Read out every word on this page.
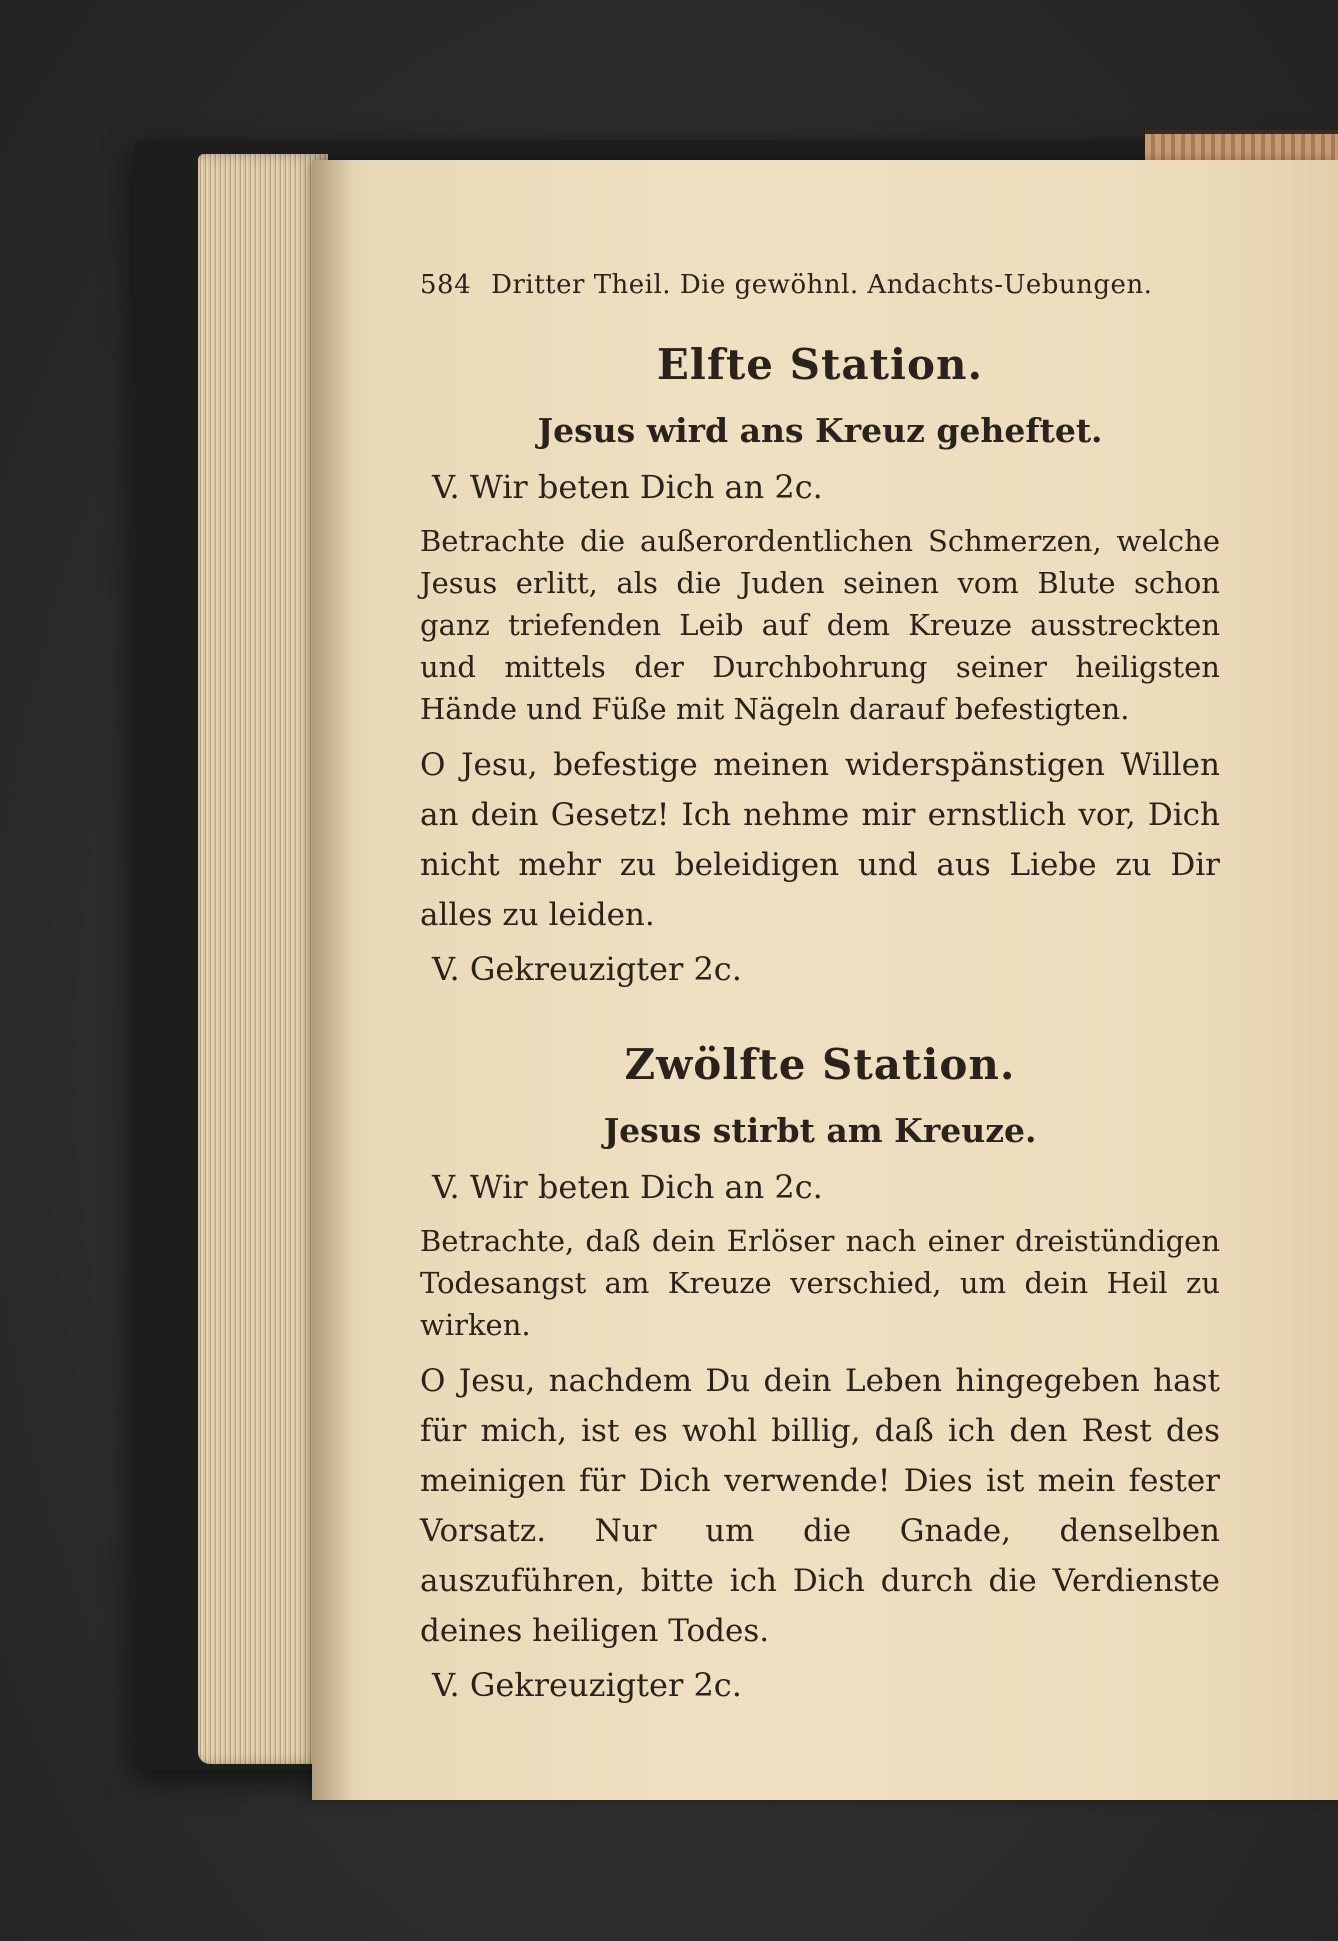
584 Dritter Theil. Die gewöhnl. Andachts-Uebungen.
Elfte Station.
Jesus wird ans Kreuz geheftet.
V. Wir beten Dich an 2c.

Betrachte die außerordentlichen Schmerzen, welche Jesus erlitt, als die Juden seinen vom Blute schon ganz triefenden Leib auf dem Kreuze ausstreckten und mittels der Durchbohrung seiner heiligsten Hände und Füße mit Nägeln darauf befestigten.

O Jesu, befestige meinen widerspänstigen Willen an dein Gesetz! Ich nehme mir ernstlich vor, Dich nicht mehr zu beleidigen und aus Liebe zu Dir alles zu leiden.

V. Gekreuzigter 2c.
Zwölfte Station.
Jesus stirbt am Kreuze.
V. Wir beten Dich an 2c.

Betrachte, daß dein Erlöser nach einer dreistündigen Todesangst am Kreuze verschied, um dein Heil zu wirken.

O Jesu, nachdem Du dein Leben hingegeben hast für mich, ist es wohl billig, daß ich den Rest des meinigen für Dich verwende! Dies ist mein fester Vorsatz. Nur um die Gnade, denselben auszuführen, bitte ich Dich durch die Verdienste deines heiligen Todes.

V. Gekreuzigter 2c.
